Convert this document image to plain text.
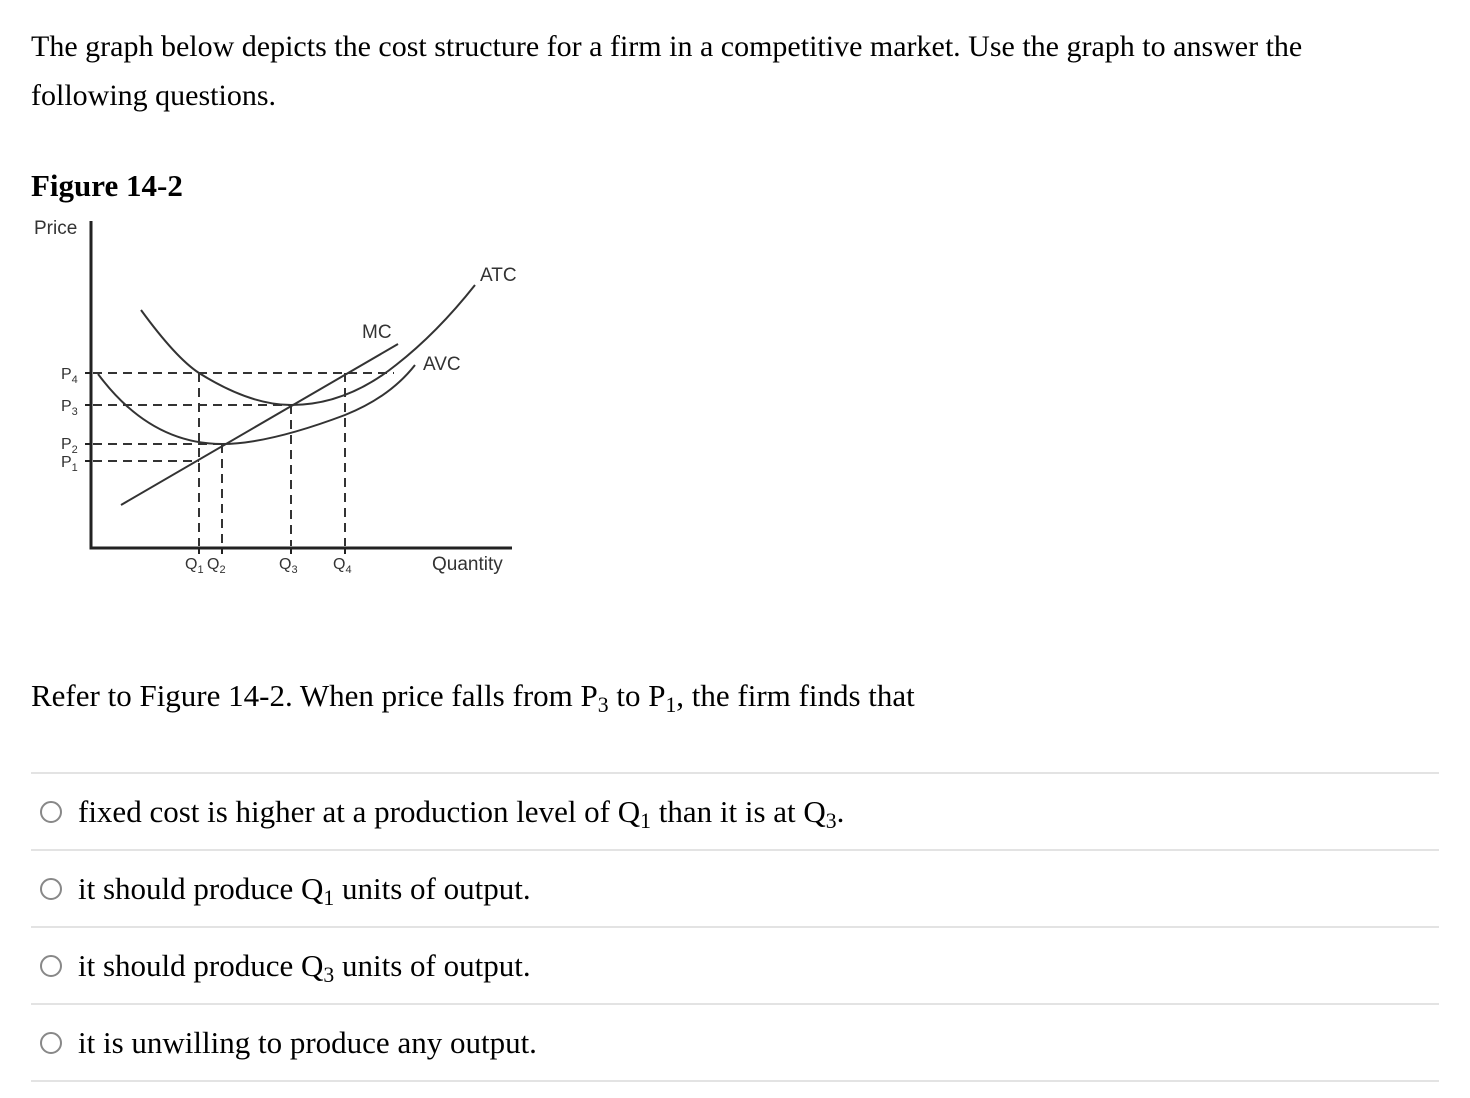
The graph below depicts the cost structure for a firm in a competitive market. Use the graph to answer the
following questions.

Figure 14-2
Price
Quantity
ATC
AVC
MC
$P_4$
$P_3$
$P_2$
$P_1$
$Q_1$ $Q_2$	$Q_3$ $Q_4$

Refer to Figure 14-2. When price falls from $P_3$ to $P_1$, the firm finds that

fixed cost is higher at a production level of $Q_1$ than it is at $Q_3$.
it should produce $Q_1$ units of output.
it should produce $Q_3$ units of output.
it is unwilling to produce any output.
